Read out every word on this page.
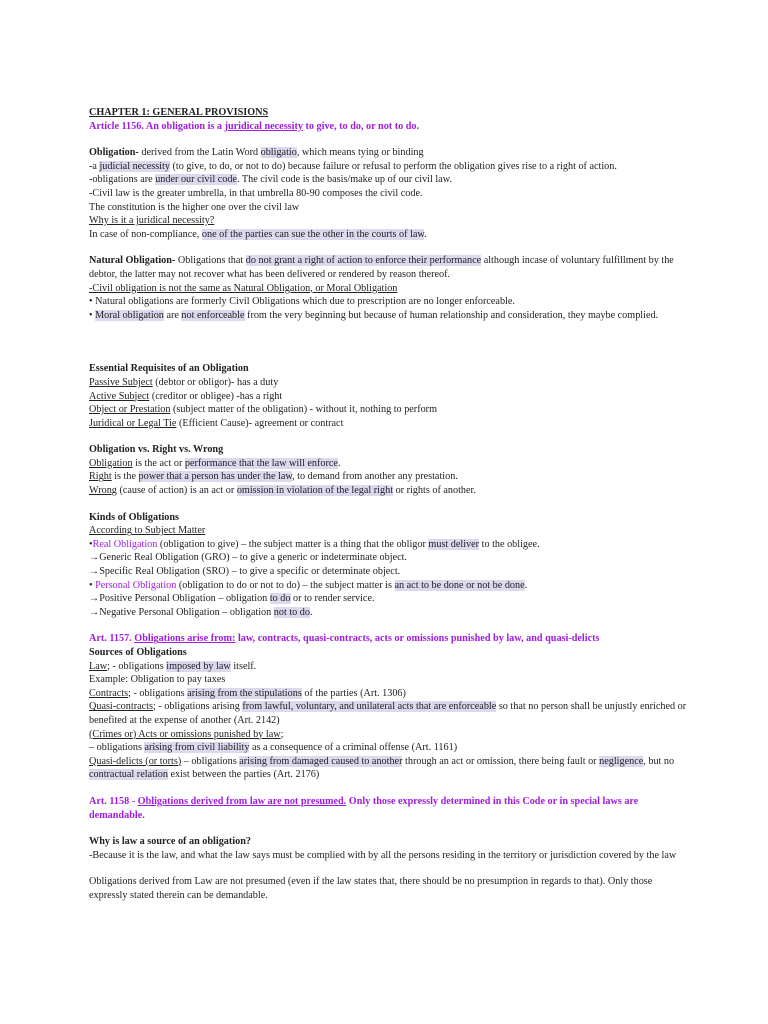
CHAPTER 1: GENERAL PROVISIONS
Article 1156. An obligation is a juridical necessity to give, to do, or not to do.
Obligation- derived from the Latin Word obligatio, which means tying or binding
-a judicial necessity (to give, to do, or not to do) because failure or refusal to perform the obligation gives rise to a right of action.
-obligations are under our civil code. The civil code is the basis/make up of our civil law.
-Civil law is the greater umbrella, in that umbrella 80-90 composes the civil code.
The constitution is the higher one over the civil law
Why is it a juridical necessity?
In case of non-compliance, one of the parties can sue the other in the courts of law.
Natural Obligation- Obligations that do not grant a right of action to enforce their performance although incase of voluntary fulfillment by the debtor, the latter may not recover what has been delivered or rendered by reason thereof.
-Civil obligation is not the same as Natural Obligation, or Moral Obligation
• Natural obligations are formerly Civil Obligations which due to prescription are no longer enforceable.
• Moral obligation are not enforceable from the very beginning but because of human relationship and consideration, they maybe complied.
Essential Requisites of an Obligation
Passive Subject (debtor or obligor)- has a duty
Active Subject (creditor or obligee) -has a right
Object or Prestation (subject matter of the obligation) - without it, nothing to perform
Juridical or Legal Tie (Efficient Cause)- agreement or contract
Obligation vs. Right vs. Wrong
Obligation is the act or performance that the law will enforce.
Right is the power that a person has under the law, to demand from another any prestation.
Wrong (cause of action) is an act or omission in violation of the legal right or rights of another.
Kinds of Obligations
According to Subject Matter
•Real Obligation (obligation to give) – the subject matter is a thing that the obligor must deliver to the obligee.
→Generic Real Obligation (GRO) – to give a generic or indeterminate object.
→Specific Real Obligation (SRO) – to give a specific or determinate object.
• Personal Obligation (obligation to do or not to do) – the subject matter is an act to be done or not be done.
→Positive Personal Obligation – obligation to do or to render service.
→Negative Personal Obligation – obligation not to do.
Art. 1157. Obligations arise from: law, contracts, quasi-contracts, acts or omissions punished by law, and quasi-delicts
Sources of Obligations
Law; - obligations imposed by law itself.
Example: Obligation to pay taxes
Contracts; - obligations arising from the stipulations of the parties (Art. 1306)
Quasi-contracts; - obligations arising from lawful, voluntary, and unilateral acts that are enforceable so that no person shall be unjustly enriched or benefited at the expense of another (Art. 2142)
(Crimes or) Acts or omissions punished by law;
– obligations arising from civil liability as a consequence of a criminal offense (Art. 1161)
Quasi-delicts (or torts) – obligations arising from damaged caused to another through an act or omission, there being fault or negligence, but no contractual relation exist between the parties (Art. 2176)
Art. 1158 - Obligations derived from law are not presumed. Only those expressly determined in this Code or in special laws are demandable.
Why is law a source of an obligation?
-Because it is the law, and what the law says must be complied with by all the persons residing in the territory or jurisdiction covered by the law
Obligations derived from Law are not presumed (even if the law states that, there should be no presumption in regards to that). Only those expressly stated therein can be demandable.
